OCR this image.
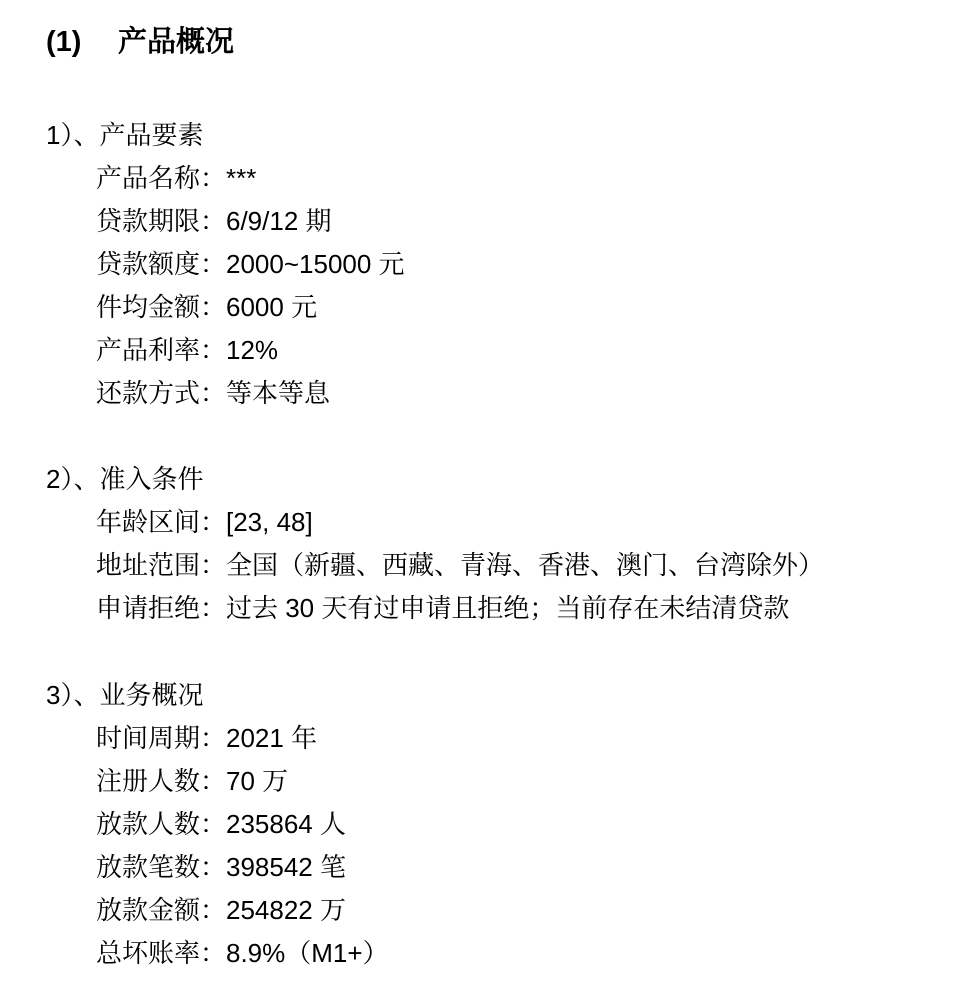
(1) 产品概况
1）、产品要素
产品名称：***
贷款期限：6/9/12 期
贷款额度：2000~15000 元
件均金额：6000 元
产品利率：12%
还款方式：等本等息
2）、准入条件
年龄区间：[23, 48]
地址范围：全国（新疆、西藏、青海、香港、澳门、台湾除外）
申请拒绝：过去 30 天有过申请且拒绝；当前存在未结清贷款
3）、业务概况
时间周期：2021 年
注册人数：70 万
放款人数：235864 人
放款笔数：398542 笔
放款金额：254822 万
总坏账率：8.9%（M1+）
